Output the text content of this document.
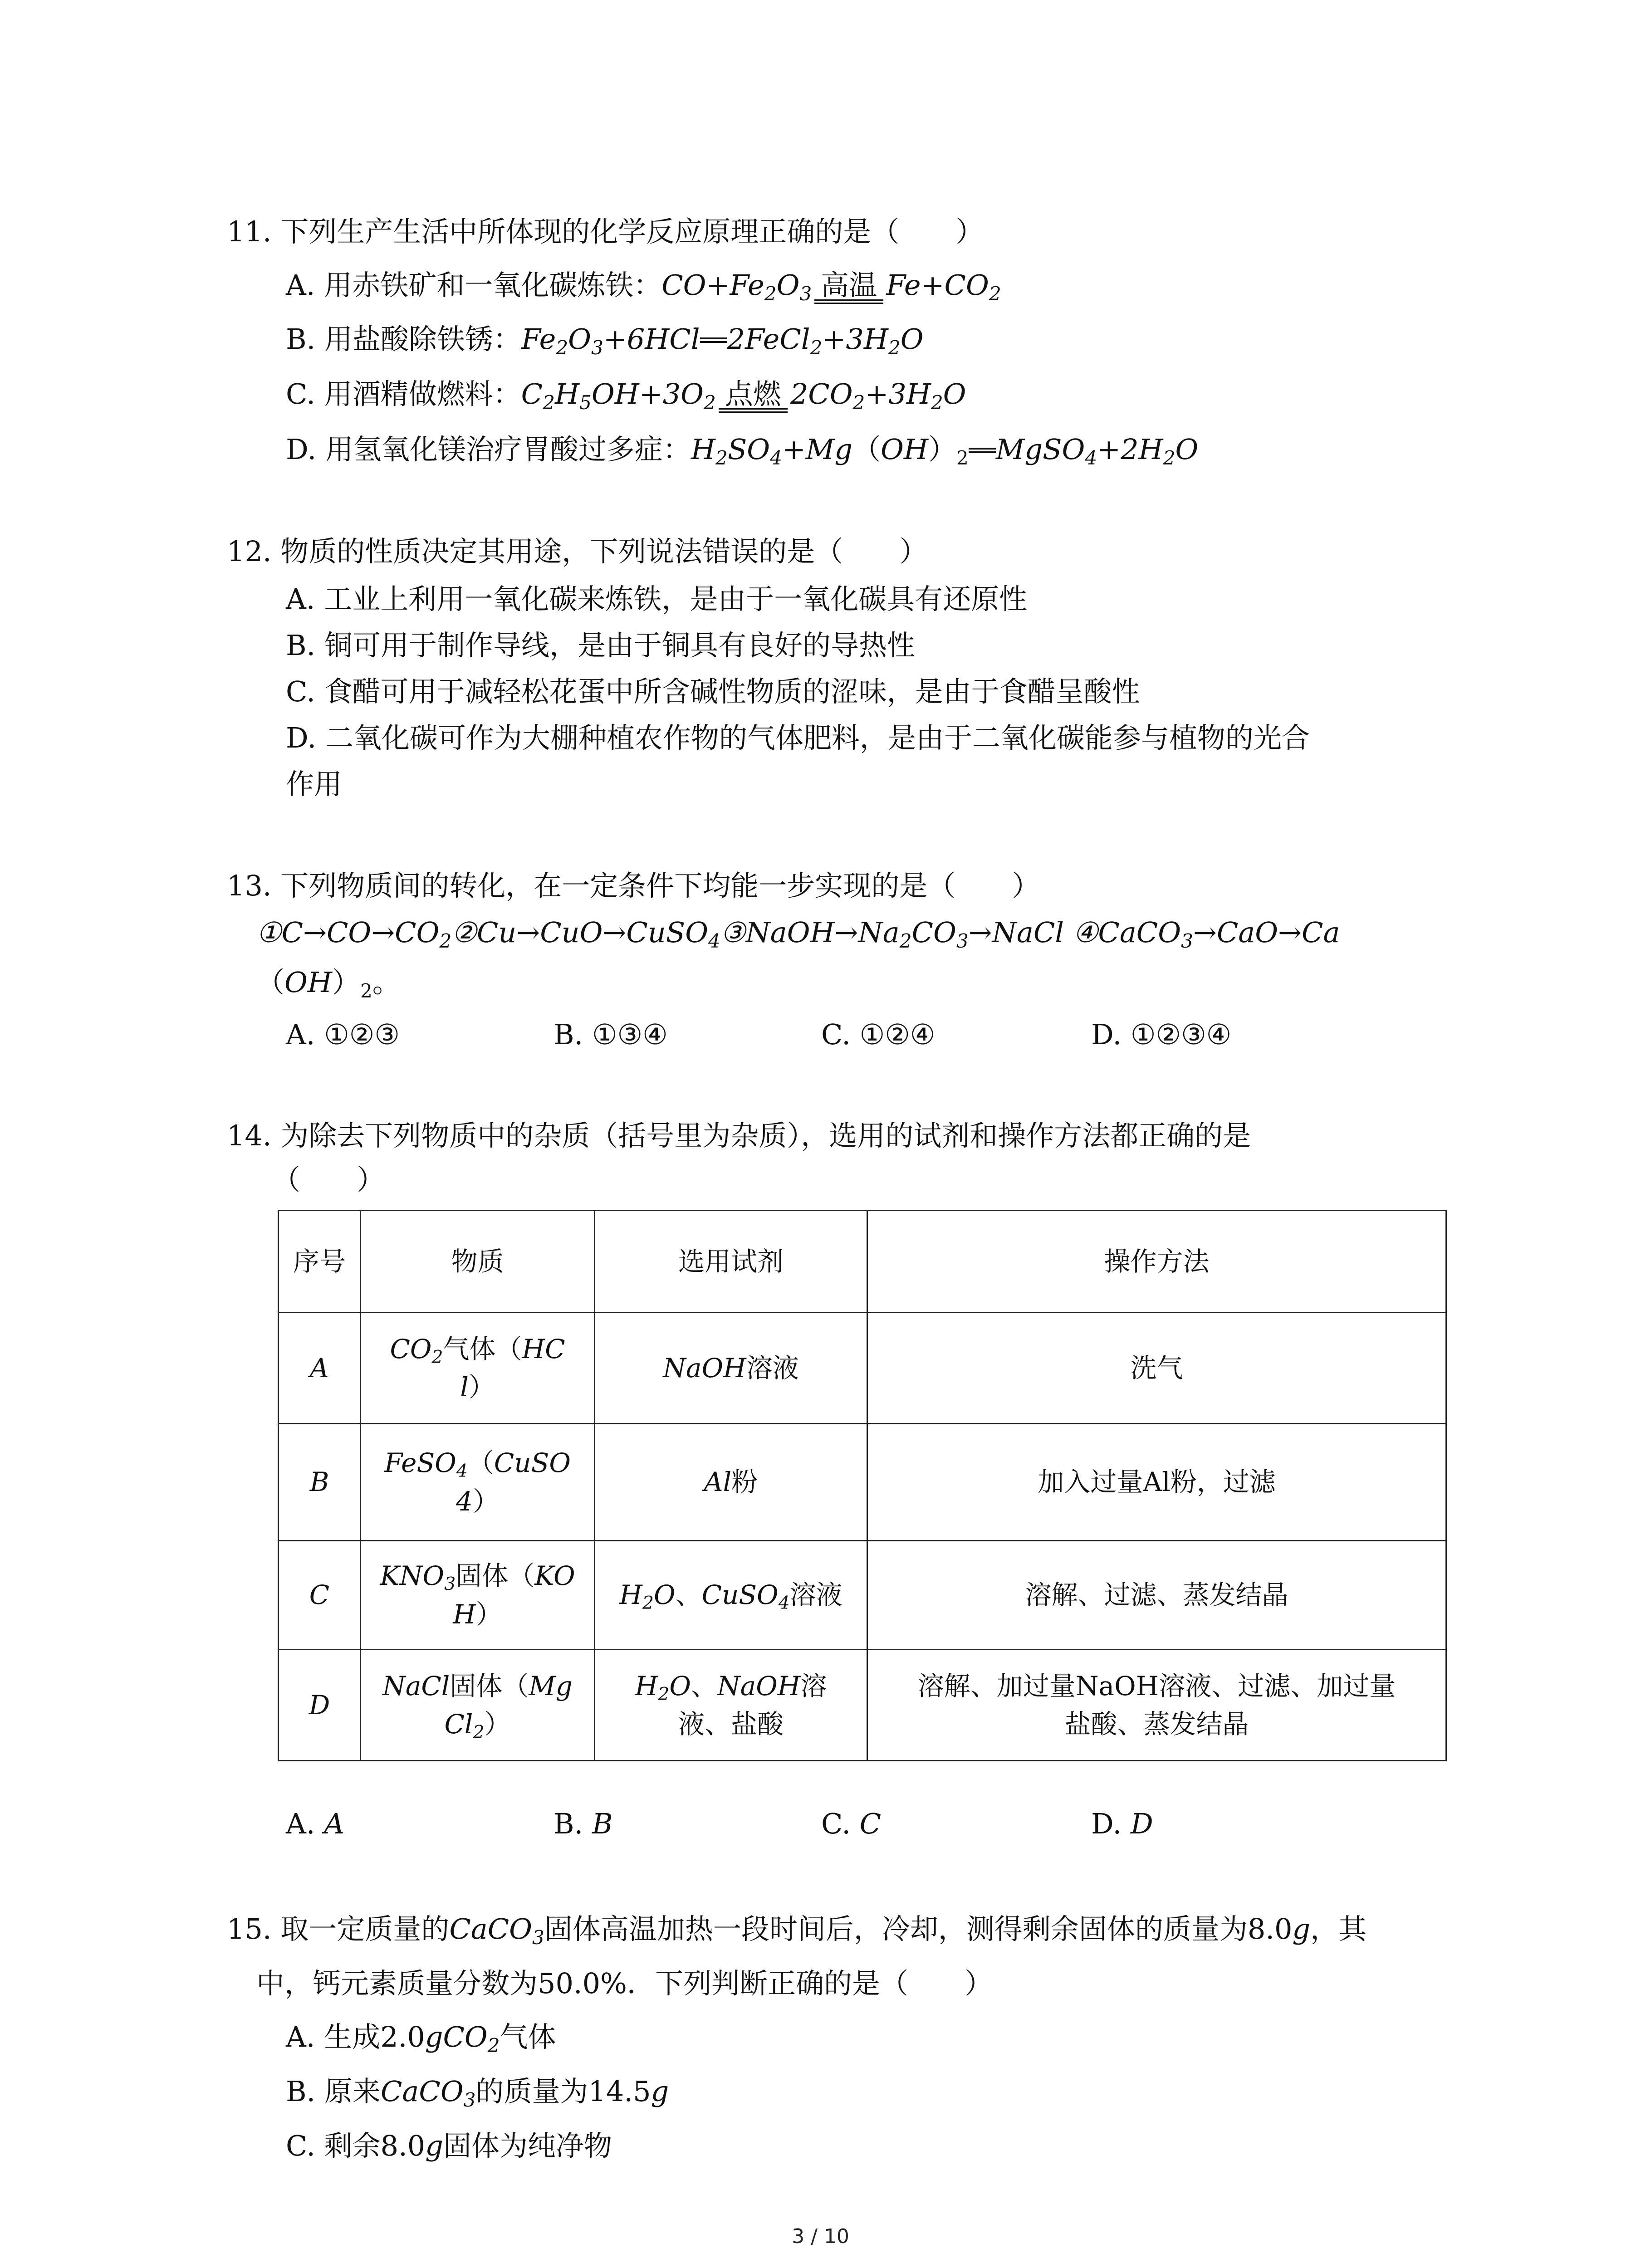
11. 下列生产生活中所体现的化学反应原理正确的是（　　）
A. 用赤铁矿和一氧化碳炼铁：CO+Fe2O3 高温 Fe+CO2
B. 用盐酸除铁锈：Fe2O3+6HCl 2FeCl2+3H2O
C. 用酒精做燃料：C2H5OH+3O2 点燃 2CO2+3H2O
D. 用氢氧化镁治疗胃酸过多症：H2SO4+Mg（OH）2 MgSO4+2H2O
12. 物质的性质决定其用途，下列说法错误的是（　　）
A. 工业上利用一氧化碳来炼铁，是由于一氧化碳具有还原性
B. 铜可用于制作导线，是由于铜具有良好的导热性
C. 食醋可用于减轻松花蛋中所含碱性物质的涩味，是由于食醋呈酸性
D. 二氧化碳可作为大棚种植农作物的气体肥料，是由于二氧化碳能参与植物的光合
作用
13. 下列物质间的转化，在一定条件下均能一步实现的是（　　）
①C→CO→CO2②Cu→CuO→CuSO4③NaOH→Na2CO3→NaCl ④CaCO3→CaO→Ca
（OH）2。
A. ①②③	B. ①③④	C. ①②④	D. ①②③④
14. 为除去下列物质中的杂质（括号里为杂质），选用的试剂和操作方法都正确的是
（　　）
序号	物质	选用试剂	操作方法
A	CO2气体（HC
l）	NaOH溶液	洗气
B	FeSO4（CuSO
4）	Al粉	加入过量Al粉，过滤
C	KNO3固体（KO
H）	H2O、CuSO4溶液	溶解、过滤、蒸发结晶
D	NaCl固体（Mg
Cl2）	H2O、NaOH溶
液、盐酸	溶解、加过量NaOH溶液、过滤、加过量
盐酸、蒸发结晶
A. A	B. B	C. C	D. D
15. 取一定质量的CaCO3固体高温加热一段时间后，冷却，测得剩余固体的质量为8.0g，其
中，钙元素质量分数为50.0%．下列判断正确的是（　　）
A. 生成2.0gCO2气体
B. 原来CaCO3的质量为14.5g
C. 剩余8.0g固体为纯净物
3 / 10
